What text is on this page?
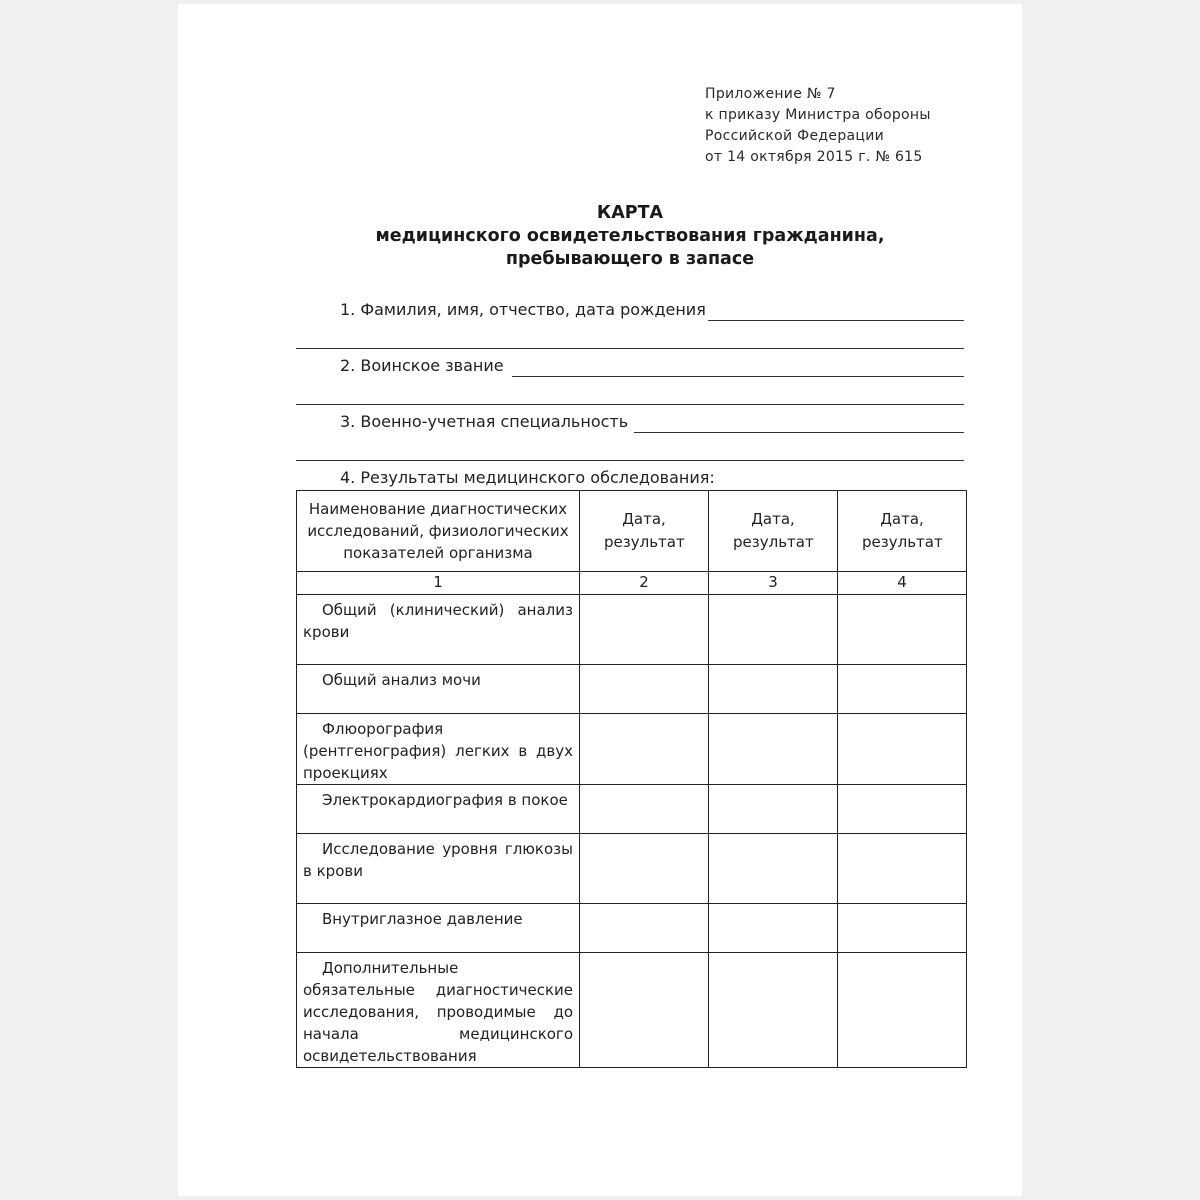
Приложение № 7
к приказу Министра обороны
Российской Федерации
от 14 октября 2015 г. № 615
КАРТА
медицинского освидетельствования гражданина,
пребывающего в запасе
1. Фамилия, имя, отчество, дата рождения
2. Воинское звание
3. Военно-учетная специальность
4. Результаты медицинского обследования:
Наименование диагностических исследований, физиологических показателей организма	Дата, результат	Дата, результат	Дата, результат

1	2	3	4
Общий (клинический) анализ крови			
Общий анализ мочи			
Флюорография (рентгенография) легких в двух проекциях			
Электрокардиография в покое			
Исследование уровня глюкозы в крови			
Внутриглазное давление			
Дополнительные обязательные диагностические исследования, проводимые до начала медицинского освидетельствования			
